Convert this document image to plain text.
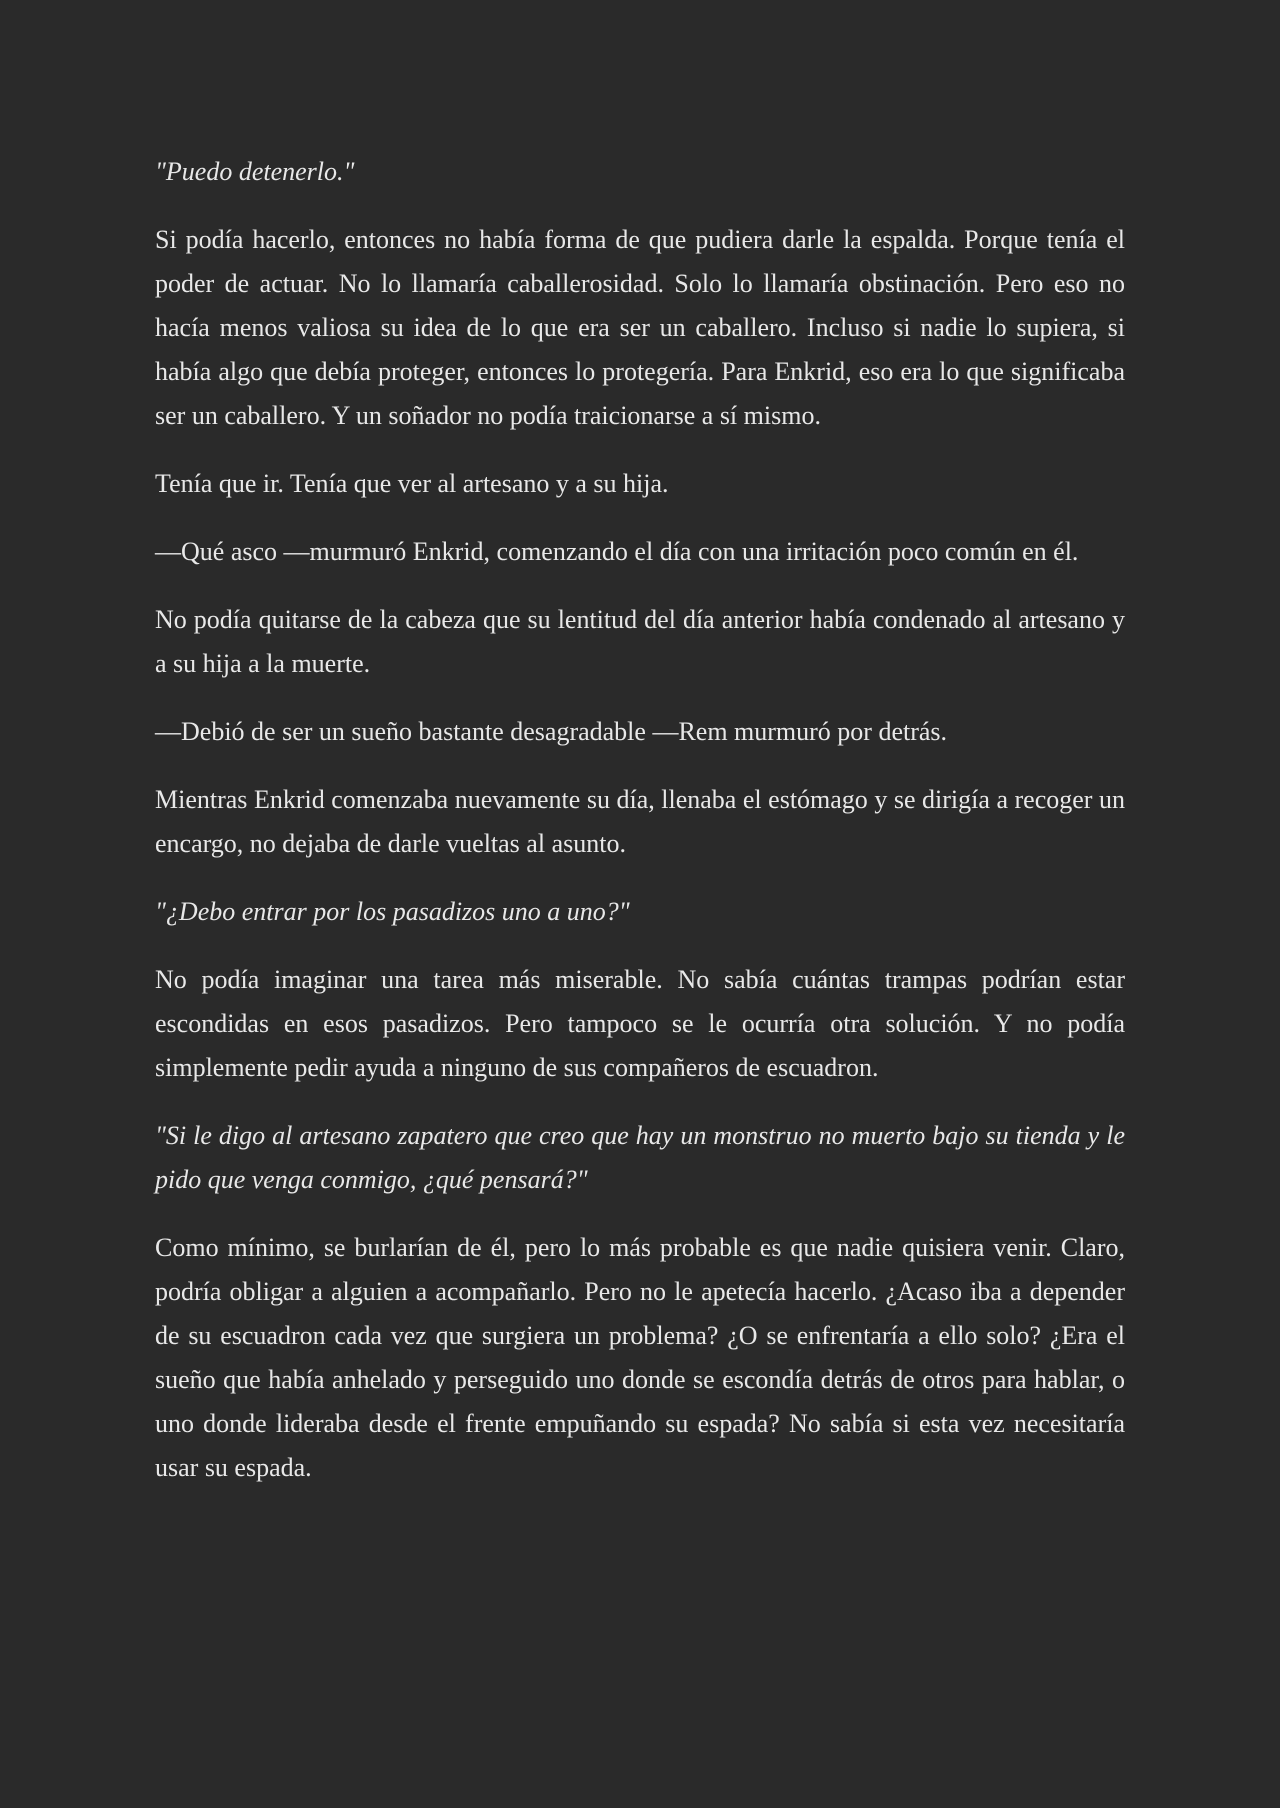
"Puedo detenerlo."

Si podía hacerlo, entonces no había forma de que pudiera darle la espalda. Porque tenía el poder de actuar. No lo llamaría caballerosidad. Solo lo llamaría obstinación. Pero eso no hacía menos valiosa su idea de lo que era ser un caballero. Incluso si nadie lo supiera, si había algo que debía proteger, entonces lo protegería. Para Enkrid, eso era lo que significaba ser un caballero. Y un soñador no podía traicionarse a sí mismo.

Tenía que ir. Tenía que ver al artesano y a su hija.

—Qué asco —murmuró Enkrid, comenzando el día con una irritación poco común en él.

No podía quitarse de la cabeza que su lentitud del día anterior había condenado al artesano y a su hija a la muerte.

—Debió de ser un sueño bastante desagradable —Rem murmuró por detrás.

Mientras Enkrid comenzaba nuevamente su día, llenaba el estómago y se dirigía a recoger un encargo, no dejaba de darle vueltas al asunto.

"¿Debo entrar por los pasadizos uno a uno?"

No podía imaginar una tarea más miserable. No sabía cuántas trampas podrían estar escondidas en esos pasadizos. Pero tampoco se le ocurría otra solución. Y no podía simplemente pedir ayuda a ninguno de sus compañeros de escuadron.

"Si le digo al artesano zapatero que creo que hay un monstruo no muerto bajo su tienda y le pido que venga conmigo, ¿qué pensará?"

Como mínimo, se burlarían de él, pero lo más probable es que nadie quisiera venir. Claro, podría obligar a alguien a acompañarlo. Pero no le apetecía hacerlo. ¿Acaso iba a depender de su escuadron cada vez que surgiera un problema? ¿O se enfrentaría a ello solo? ¿Era el sueño que había anhelado y perseguido uno donde se escondía detrás de otros para hablar, o uno donde lideraba desde el frente empuñando su espada? No sabía si esta vez necesitaría usar su espada.
